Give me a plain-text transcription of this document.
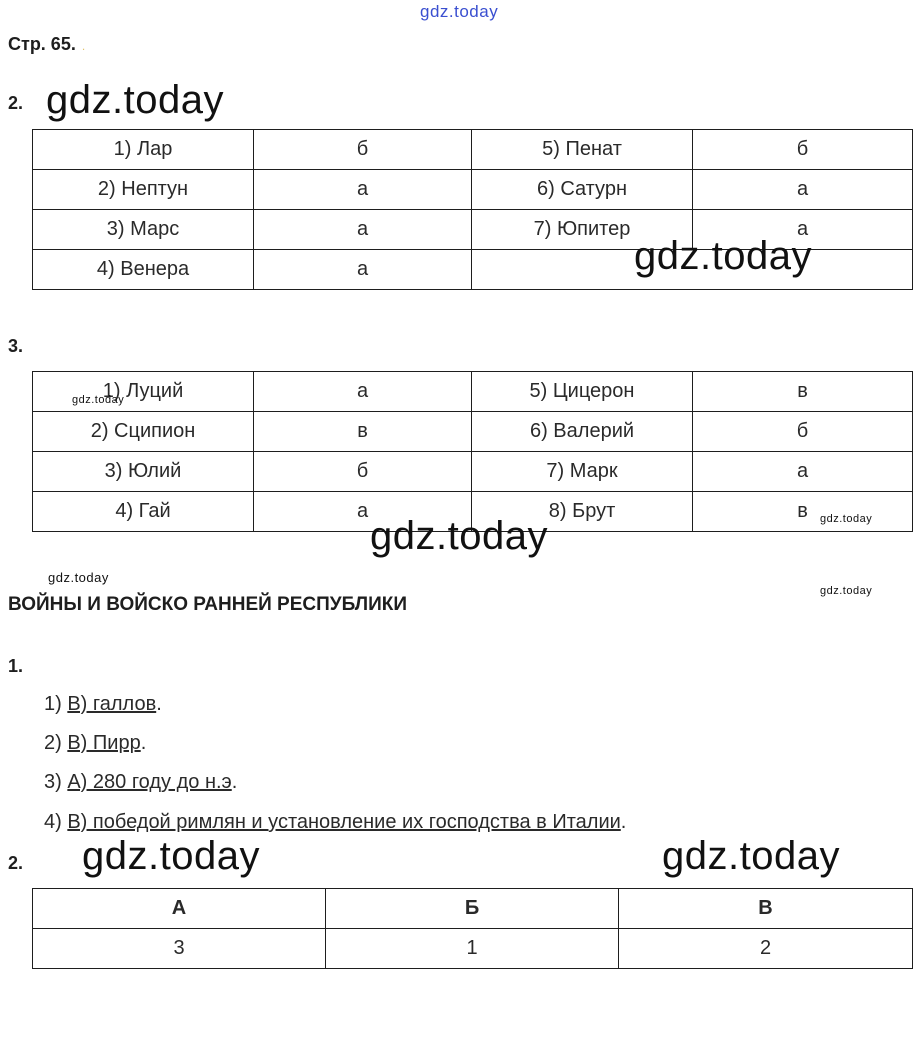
gdz.today
Стр. 65. .
2. gdz.today
1) Лар	б	5) Пенат	б
2) Нептун	а	6) Сатурн	а
3) Марс	а	7) Юпитер	а
4) Венера	а			gdz.today
3.
1) Луций	а	5) Цицерон	в
2) Сципион	в	6) Валерий	б
3) Юлий	б	7) Марк	а
4) Гай	а	8) Брут	в
gdz.today
gdz.today
gdz.today
gdz.today
gdz.today
ВОЙНЫ И ВОЙСКО РАННЕЙ РЕСПУБЛИКИ
1.
1) В) галлов.
2) В) Пирр.
3) А) 280 году до н.э.
4) В) победой римлян и установление их господства в Италии.
2. gdz.today	gdz.today
А	Б	В
3	1	2
